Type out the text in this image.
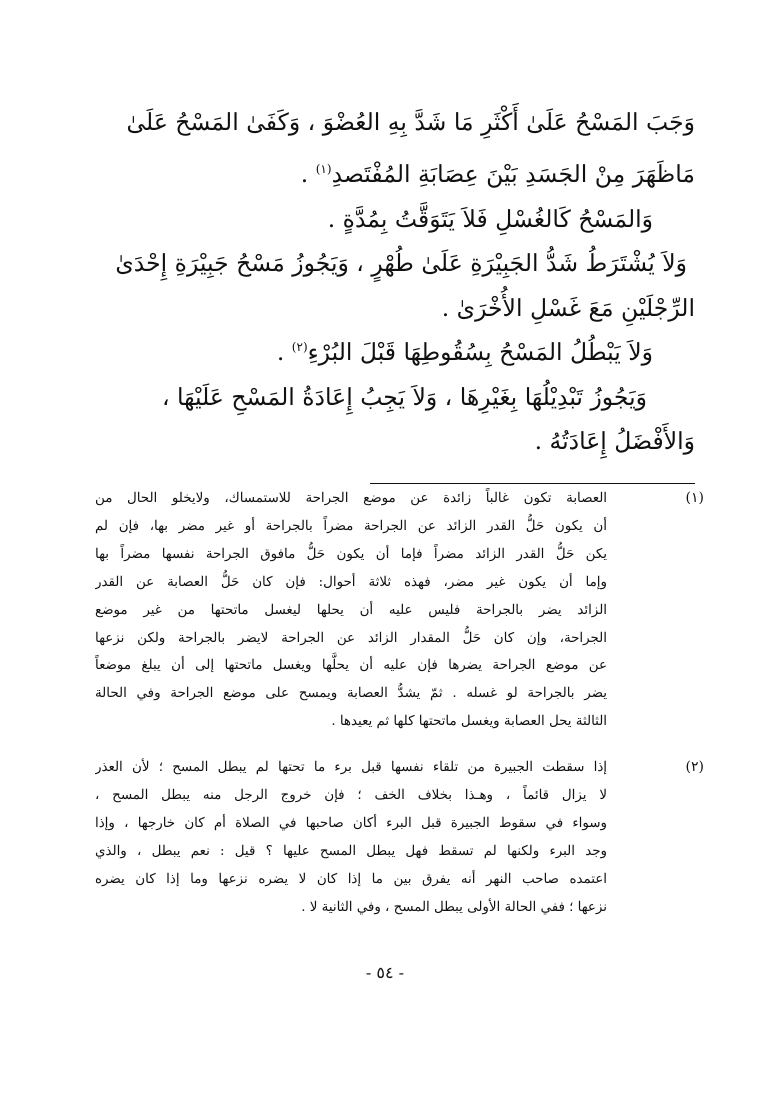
وَجَبَ المَسْحُ عَلَىٰ أَكْثَرِ مَا شَدَّ بِهِ العُضْوَ ، وَكَفَىٰ المَسْحُ عَلَىٰ
مَاظَهَرَ مِنْ الجَسَدِ بَيْنَ عِصَابَةِ المُفْتَصدِ$^{(١)}$ .
وَالمَسْحُ كَالغُسْلِ فَلاَ يَتَوَقَّتُ بِمُدَّةٍ .
وَلاَ يُشْتَرَطُ شَدُّ الجَبِيْرَةِ عَلَىٰ طُهْرٍ ، وَيَجُوزُ مَسْحُ جَبِيْرَةِ إِحْدَىٰ
الرِّجْلَيْنِ مَعَ غَسْلِ الأُخْرَىٰ .
وَلاَ يَبْطُلُ المَسْحُ بِسُقُوطِهَا قَبْلَ البُرْءِ$^{(٢)}$ .
وَيَجُوزُ تَبْدِيْلُهَا بِغَيْرِهَا ، وَلاَ يَجِبُ إِعَادَةُ المَسْحِ عَلَيْهَا ،
وَالأَفْضَلُ إِعَادَتُهُ .
(١)
العصابة تكون غالباً زائدة عن موضع الجراحة للاستمساك، ولايخلو الحال من
أن يكون حَلُّ القدر الزائد عن الجراحة مضراً بالجراحة أو غير مضر بها، فإن لم
يكن حَلُّ القدر الزائد مضراً فإما أن يكون حَلُّ مافوق الجراحة نفسها مضراً بها
وإما أن يكون غير مضر، فهذه ثلاثة أحوال: فإن كان حَلُّ العصابة عن القدر
الزائد يضر بالجراحة فليس عليه أن يحلها ليغسل ماتحتها من غير موضع
الجراحة، وإن كان حَلُّ المقدار الزائد عن الجراحة لايضر بالجراحة ولكن نزعها
عن موضع الجراحة يضرها فإن عليه أن يحلَّها ويغسل ماتحتها إلى أن يبلغ موضعاً
يضر بالجراحة لو غسله . ثمّ يشدُّ العصابة ويمسح على موضع الجراحة وفي الحالة
الثالثة يحل العصابة ويغسل ماتحتها كلها ثم يعيدها .
(٢)
إذا سقطت الجبيرة من تلقاء نفسها قبل برء ما تحتها لم يبطل المسح ؛ لأن العذر
لا يزال قائماً ، وهـذا بخلاف الخف ؛ فإن خروج الرجل منه يبطل المسح ،
وسواء في سقوط الجبيرة قبل البرء أكان صاحبها في الصلاة أم كان خارجها ، وإذا
وجد البرء ولكنها لم تسقط فهل يبطل المسح عليها ؟ قيل : نعم يبطل ، والذي
اعتمده صاحب النهر أنه يفرق بين ما إذا كان لا يضره نزعها وما إذا كان يضره
نزعها ؛ ففي الحالة الأولى يبطل المسح ، وفي الثانية لا .
- ٥٤ -
